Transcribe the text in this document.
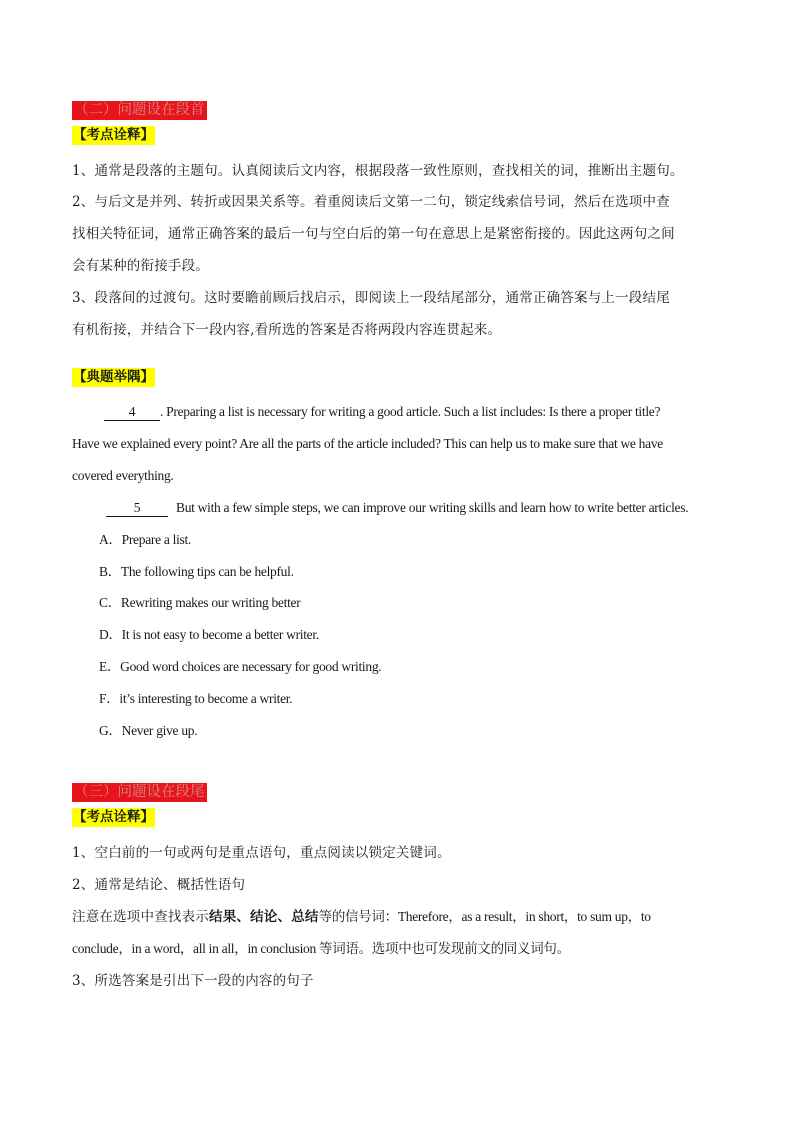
（二）问题设在段首
【考点诠释】
1、通常是段落的主题句。认真阅读后文内容，根据段落一致性原则，查找相关的词，推断出主题句。
2、与后文是并列、转折或因果关系等。着重阅读后文第一二句，锁定线索信号词，然后在选项中查
找相关特征词，通常正确答案的最后一句与空白后的第一句在意思上是紧密衔接的。因此这两句之间
会有某种的衔接手段。
3、段落间的过渡句。这时要瞻前顾后找启示，即阅读上一段结尾部分，通常正确答案与上一段结尾
有机衔接，并结合下一段内容,看所选的答案是否将两段内容连贯起来。
【典题举隅】
4 . Preparing a list is necessary for writing a good article. Such a list includes: Is there a proper title?
Have we explained every point? Are all the parts of the article included? This can help us to make sure that we have
covered everything.
5	But with a few simple steps, we can improve our writing skills and learn how to write better articles.
A．Prepare a list.
B．The following tips can be helpful.
C．Rewriting makes our writing better
D．It is not easy to become a better writer.
E．Good word choices are necessary for good writing.
F．it’s interesting to become a writer.
G．Never give up.
（三）问题设在段尾
【考点诠释】
1、空白前的一句或两句是重点语句，重点阅读以锁定关键词。
2、通常是结论、概括性语句
注意在选项中查找表示结果、结论、总结等的信号词：Therefore，as a result，in short，to sum up，to
conclude，in a word，all in all，in conclusion 等词语。选项中也可发现前文的同义词句。
3、所选答案是引出下一段的内容的句子
